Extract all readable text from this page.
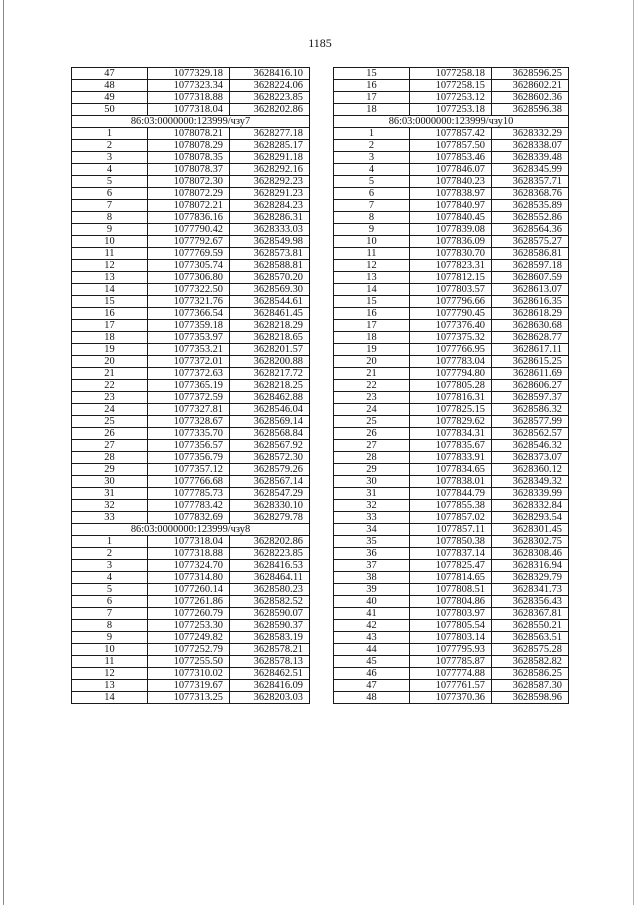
1185
47	1077329.18	3628416.10
48	1077323.34	3628224.06
49	1077318.88	3628223.85
50	1077318.04	3628202.86
86:03:0000000:123999/чзу7		
1	1078078.21	3628277.18
2	1078078.29	3628285.17
3	1078078.35	3628291.18
4	1078078.37	3628292.16
5	1078072.30	3628292.23
6	1078072.29	3628291.23
7	1078072.21	3628284.23
8	1077836.16	3628286.31
9	1077790.42	3628333.03
10	1077792.67	3628549.98
11	1077769.59	3628573.81
12	1077305.74	3628588.81
13	1077306.80	3628570.20
14	1077322.50	3628569.30
15	1077321.76	3628544.61
16	1077366.54	3628461.45
17	1077359.18	3628218.29
18	1077353.97	3628218.65
19	1077353.21	3628201.57
20	1077372.01	3628200.88
21	1077372.63	3628217.72
22	1077365.19	3628218.25
23	1077372.59	3628462.88
24	1077327.81	3628546.04
25	1077328.67	3628569.14
26	1077335.70	3628568.84
27	1077356.57	3628567.92
28	1077356.79	3628572.30
29	1077357.12	3628579.26
30	1077766.68	3628567.14
31	1077785.73	3628547.29
32	1077783.42	3628330.10
33	1077832.69	3628279.78
86:03:0000000:123999/чзу8		
1	1077318.04	3628202.86
2	1077318.88	3628223.85
3	1077324.70	3628416.53
4	1077314.80	3628464.11
5	1077260.14	3628580.23
6	1077261.86	3628582.52
7	1077260.79	3628590.07
8	1077253.30	3628590.37
9	1077249.82	3628583.19
10	1077252.79	3628578.21
11	1077255.50	3628578.13
12	1077310.02	3628462.51
13	1077319.67	3628416.09
14	1077313.25	3628203.03
15	1077258.18	3628596.25
16	1077258.15	3628602.21
17	1077253.12	3628602.36
18	1077253.18	3628596.38
86:03:0000000:123999/чзу10		
1	1077857.42	3628332.29
2	1077857.50	3628338.07
3	1077853.46	3628339.48
4	1077846.07	3628345.99
5	1077840.23	3628357.71
6	1077838.97	3628368.76
7	1077840.97	3628535.89
8	1077840.45	3628552.86
9	1077839.08	3628564.36
10	1077836.09	3628575.27
11	1077830.70	3628586.81
12	1077823.31	3628597.18
13	1077812.15	3628607.59
14	1077803.57	3628613.07
15	1077796.66	3628616.35
16	1077790.45	3628618.29
17	1077376.40	3628630.68
18	1077375.32	3628628.77
19	1077766.95	3628617.11
20	1077783.04	3628615.25
21	1077794.80	3628611.69
22	1077805.28	3628606.27
23	1077816.31	3628597.37
24	1077825.15	3628586.32
25	1077829.62	3628577.99
26	1077834.31	3628562.57
27	1077835.67	3628546.32
28	1077833.91	3628373.07
29	1077834.65	3628360.12
30	1077838.01	3628349.32
31	1077844.79	3628339.99
32	1077855.38	3628332.84
33	1077857.02	3628293.54
34	1077857.11	3628301.45
35	1077850.38	3628302.75
36	1077837.14	3628308.46
37	1077825.47	3628316.94
38	1077814.65	3628329.79
39	1077808.51	3628341.73
40	1077804.86	3628356.43
41	1077803.97	3628367.81
42	1077805.54	3628550.21
43	1077803.14	3628563.51
44	1077795.93	3628575.28
45	1077785.87	3628582.82
46	1077774.88	3628586.25
47	1077761.57	3628587.30
48	1077370.36	3628598.96
